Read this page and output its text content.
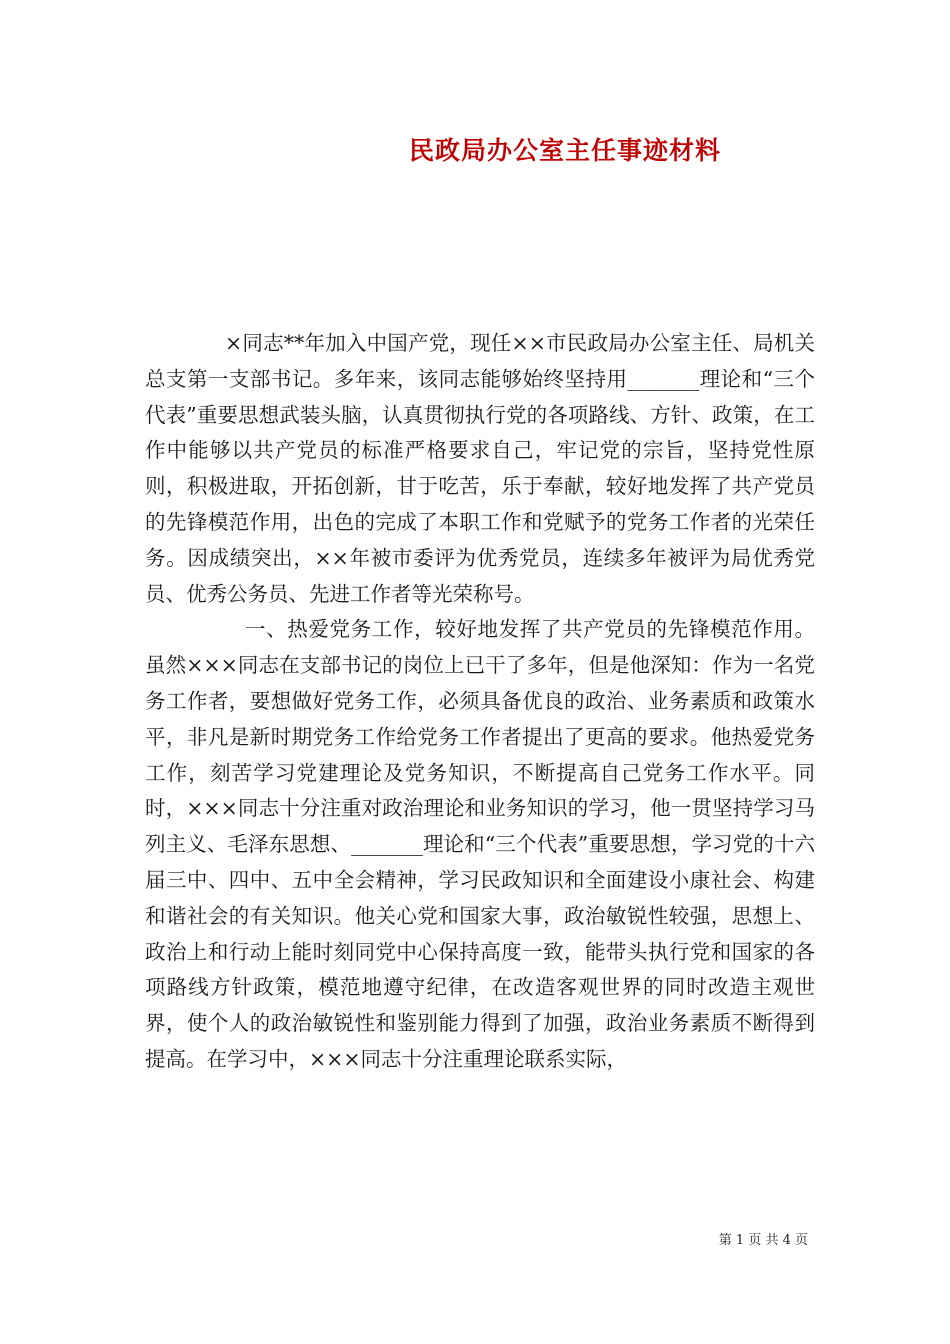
民政局办公室主任事迹材料

×同志**年加入中国产党，现任××市民政局办公室主任、局机关总支第一支部书记。多年来，该同志能够始终坚持用_______理论和“三个代表”重要思想武装头脑，认真贯彻执行党的各项路线、方针、政策，在工作中能够以共产党员的标准严格要求自己，牢记党的宗旨，坚持党性原则，积极进取，开拓创新，甘于吃苦，乐于奉献，较好地发挥了共产党员的先锋模范作用，出色的完成了本职工作和党赋予的党务工作者的光荣任务。因成绩突出，××年被市委评为优秀党员，连续多年被评为局优秀党员、优秀公务员、先进工作者等光荣称号。

一、热爱党务工作，较好地发挥了共产党员的先锋模范作用。虽然×××同志在支部书记的岗位上已干了多年，但是他深知：作为一名党务工作者，要想做好党务工作，必须具备优良的政治、业务素质和政策水平，非凡是新时期党务工作给党务工作者提出了更高的要求。他热爱党务工作，刻苦学习党建理论及党务知识，不断提高自己党务工作水平。同时，×××同志十分注重对政治理论和业务知识的学习，他一贯坚持学习马列主义、毛泽东思想、_______理论和“三个代表”重要思想，学习党的十六届三中、四中、五中全会精神，学习民政知识和全面建设小康社会、构建和谐社会的有关知识。他关心党和国家大事，政治敏锐性较强，思想上、政治上和行动上能时刻同党中心保持高度一致，能带头执行党和国家的各项路线方针政策，模范地遵守纪律，在改造客观世界的同时改造主观世界，使个人的政治敏锐性和鉴别能力得到了加强，政治业务素质不断得到提高。在学习中，×××同志十分注重理论联系实际，

第 1 页 共 4 页
